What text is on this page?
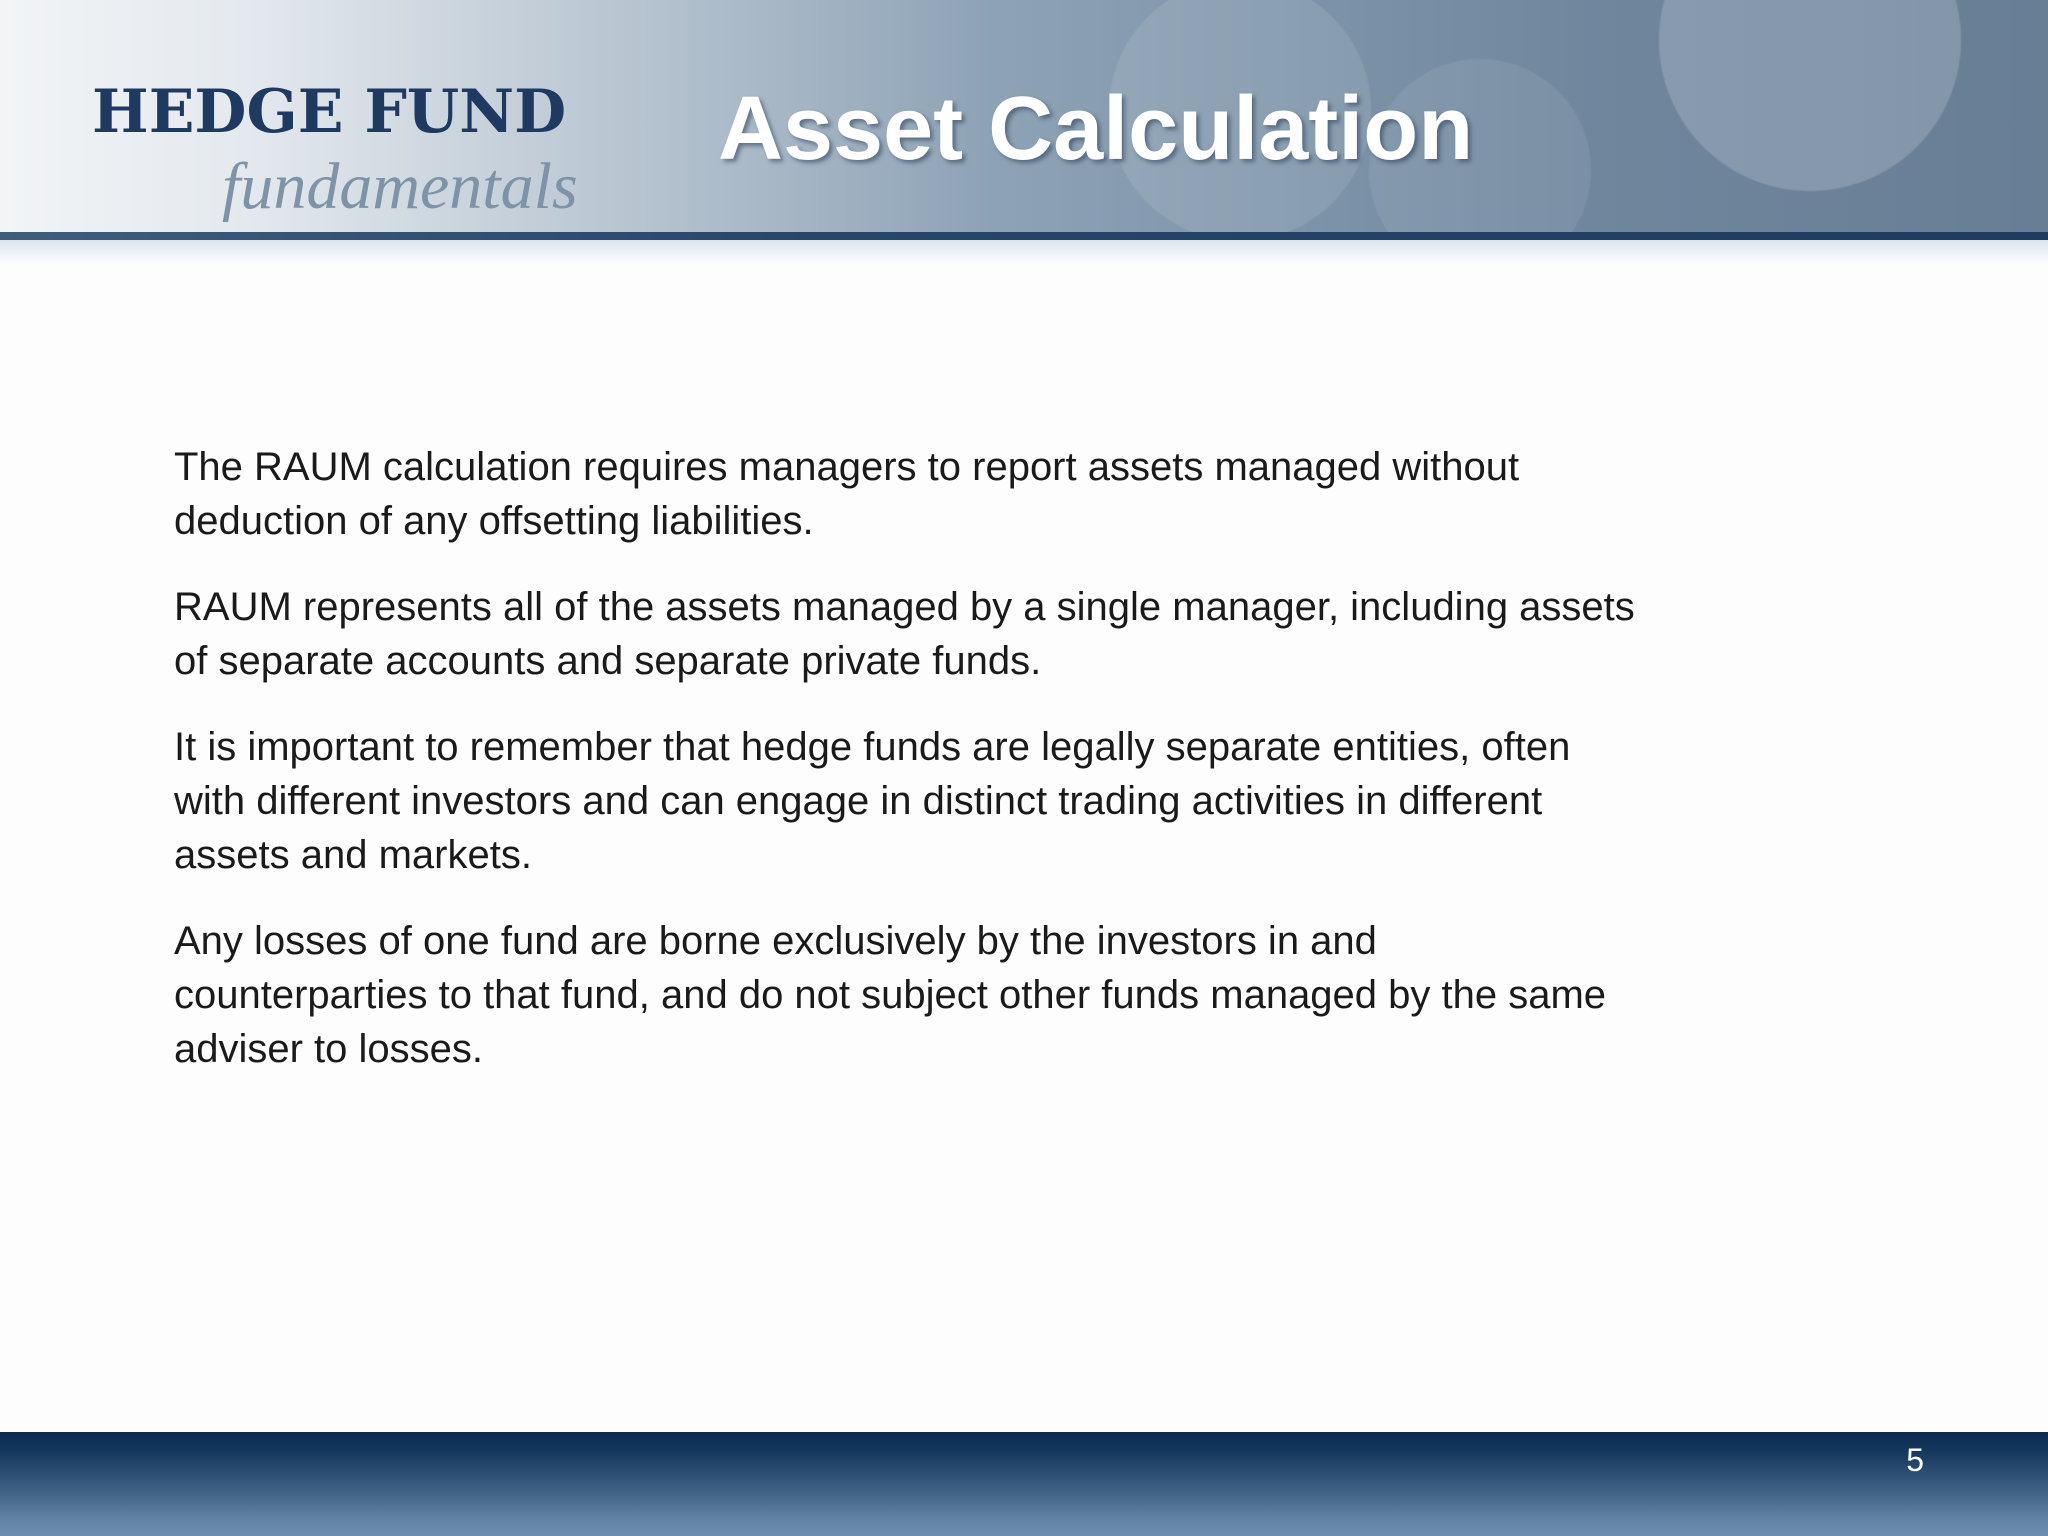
HEDGE FUND
fundamentals
Asset Calculation

The RAUM calculation requires managers to report assets managed without
deduction of any offsetting liabilities.

RAUM represents all of the assets managed by a single manager, including assets
of separate accounts and separate private funds.

It is important to remember that hedge funds are legally separate entities, often
with different investors and can engage in distinct trading activities in different
assets and markets.

Any losses of one fund are borne exclusively by the investors in and
counterparties to that fund, and do not subject other funds managed by the same
adviser to losses.

5
